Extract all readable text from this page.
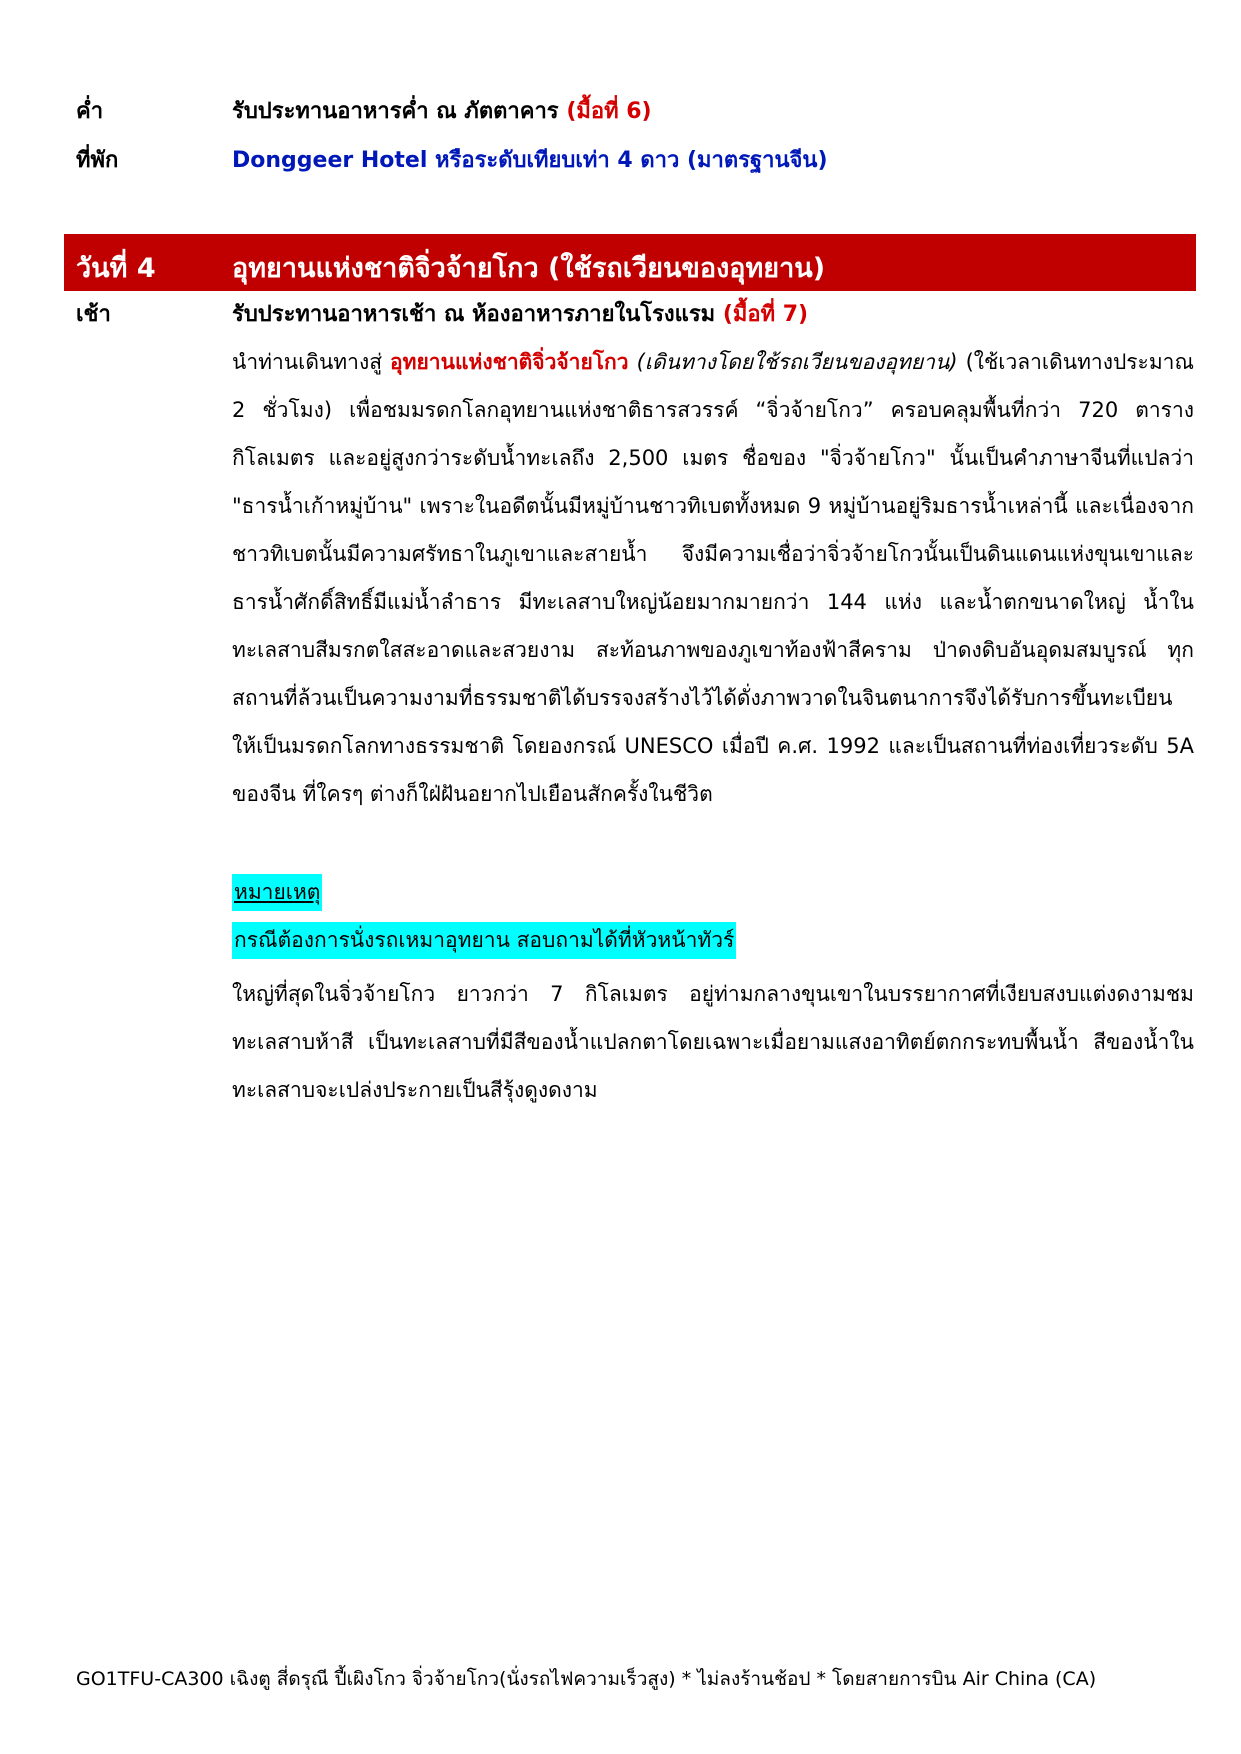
ค่ำ	รับประทานอาหารค่ำ ณ ภัตตาคาร (มื้อที่ 6)
ที่พัก	Donggeer Hotel หรือระดับเทียบเท่า 4 ดาว (มาตรฐานจีน)
วันที่ 4	อุทยานแห่งชาติจิ่วจ้ายโกว (ใช้รถเวียนของอุทยาน)
เช้า	รับประทานอาหารเช้า ณ ห้องอาหารภายในโรงแรม (มื้อที่ 7)

นำท่านเดินทางสู่ อุทยานแห่งชาติจิ่วจ้ายโกว (เดินทางโดยใช้รถเวียนของอุทยาน) (ใช้เวลาเดินทางประมาณ 2 ชั่วโมง) เพื่อชมมรดกโลกอุทยานแห่งชาติธารสวรรค์ “จิ่วจ้ายโกว” ครอบคลุมพื้นที่กว่า 720 ตารางกิโลเมตร และอยู่สูงกว่าระดับน้ำทะเลถึง 2,500 เมตร ชื่อของ "จิ่วจ้ายโกว" นั้นเป็นคำภาษาจีนที่แปลว่า "ธารน้ำเก้าหมู่บ้าน" เพราะในอดีตนั้นมีหมู่บ้านชาวทิเบตทั้งหมด 9 หมู่บ้านอยู่ริมธารน้ำเหล่านี้ และเนื่องจากชาวทิเบตนั้นมีความศรัทธาในภูเขาและสายน้ำ จึงมีความเชื่อว่าจิ่วจ้ายโกวนั้นเป็นดินแดนแห่งขุนเขาและธารน้ำศักดิ์สิทธิ์มีแม่น้ำลำธาร มีทะเลสาบใหญ่น้อยมากมายกว่า 144 แห่ง และน้ำตกขนาดใหญ่ น้ำในทะเลสาบสีมรกตใสสะอาดและสวยงาม สะท้อนภาพของภูเขาท้องฟ้าสีคราม ป่าดงดิบอันอุดมสมบูรณ์ ทุกสถานที่ล้วนเป็นความงามที่ธรรมชาติได้บรรจงสร้างไว้ได้ดั่งภาพวาดในจินตนาการจึงได้รับการขึ้นทะเบียนให้เป็นมรดกโลกทางธรรมชาติ โดยองกรณ์ UNESCO เมื่อปี ค.ศ. 1992 และเป็นสถานที่ท่องเที่ยวระดับ 5A ของจีน ที่ใครๆ ต่างก็ใฝ่ฝันอยากไปเยือนสักครั้งในชีวิต

หมายเหตุ
กรณีต้องการนั่งรถเหมาอุทยาน สอบถามได้ที่หัวหน้าทัวร์

ใหญ่ที่สุดในจิ่วจ้ายโกว ยาวกว่า 7 กิโลเมตร อยู่ท่ามกลางขุนเขาในบรรยากาศที่เงียบสงบแต่งดงามชม ทะเลสาบห้าสี เป็นทะเลสาบที่มีสีของน้ำแปลกตาโดยเฉพาะเมื่อยามแสงอาทิตย์ตกกระทบพื้นน้ำ สีของน้ำในทะเลสาบจะเปล่งประกายเป็นสีรุ้งดูงดงาม

GO1TFU-CA300 เฉิงตู สี่ดรุณี ปี้เผิงโกว จิ่วจ้ายโกว(นั่งรถไฟความเร็วสูง) * ไม่ลงร้านช้อป * โดยสายการบิน Air China (CA)
